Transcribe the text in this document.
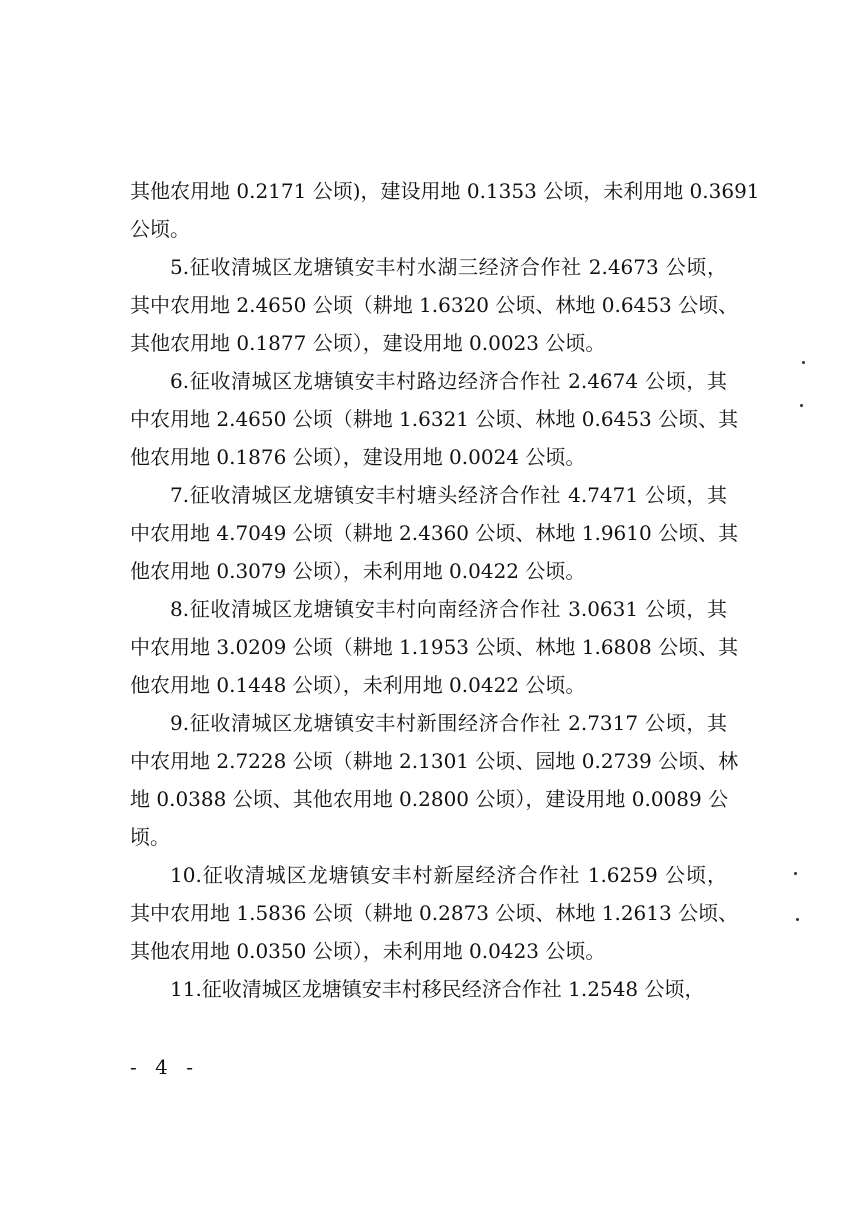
其他农用地 0.2171 公顷)，建设用地 0.1353 公顷，未利用地 0.3691
公顷。
5.征收清城区龙塘镇安丰村水湖三经济合作社 2.4673 公顷，
其中农用地 2.4650 公顷（耕地 1.6320 公顷、林地 0.6453 公顷、
其他农用地 0.1877 公顷），建设用地 0.0023 公顷。
6.征收清城区龙塘镇安丰村路边经济合作社 2.4674 公顷，其
中农用地 2.4650 公顷（耕地 1.6321 公顷、林地 0.6453 公顷、其
他农用地 0.1876 公顷），建设用地 0.0024 公顷。
7.征收清城区龙塘镇安丰村塘头经济合作社 4.7471 公顷，其
中农用地 4.7049 公顷（耕地 2.4360 公顷、林地 1.9610 公顷、其
他农用地 0.3079 公顷），未利用地 0.0422 公顷。
8.征收清城区龙塘镇安丰村向南经济合作社 3.0631 公顷，其
中农用地 3.0209 公顷（耕地 1.1953 公顷、林地 1.6808 公顷、其
他农用地 0.1448 公顷），未利用地 0.0422 公顷。
9.征收清城区龙塘镇安丰村新围经济合作社 2.7317 公顷，其
中农用地 2.7228 公顷（耕地 2.1301 公顷、园地 0.2739 公顷、林
地 0.0388 公顷、其他农用地 0.2800 公顷），建设用地 0.0089 公
顷。
10.征收清城区龙塘镇安丰村新屋经济合作社 1.6259 公顷，
其中农用地 1.5836 公顷（耕地 0.2873 公顷、林地 1.2613 公顷、
其他农用地 0.0350 公顷），未利用地 0.0423 公顷。
11.征收清城区龙塘镇安丰村移民经济合作社 1.2548 公顷，
- 4 -
